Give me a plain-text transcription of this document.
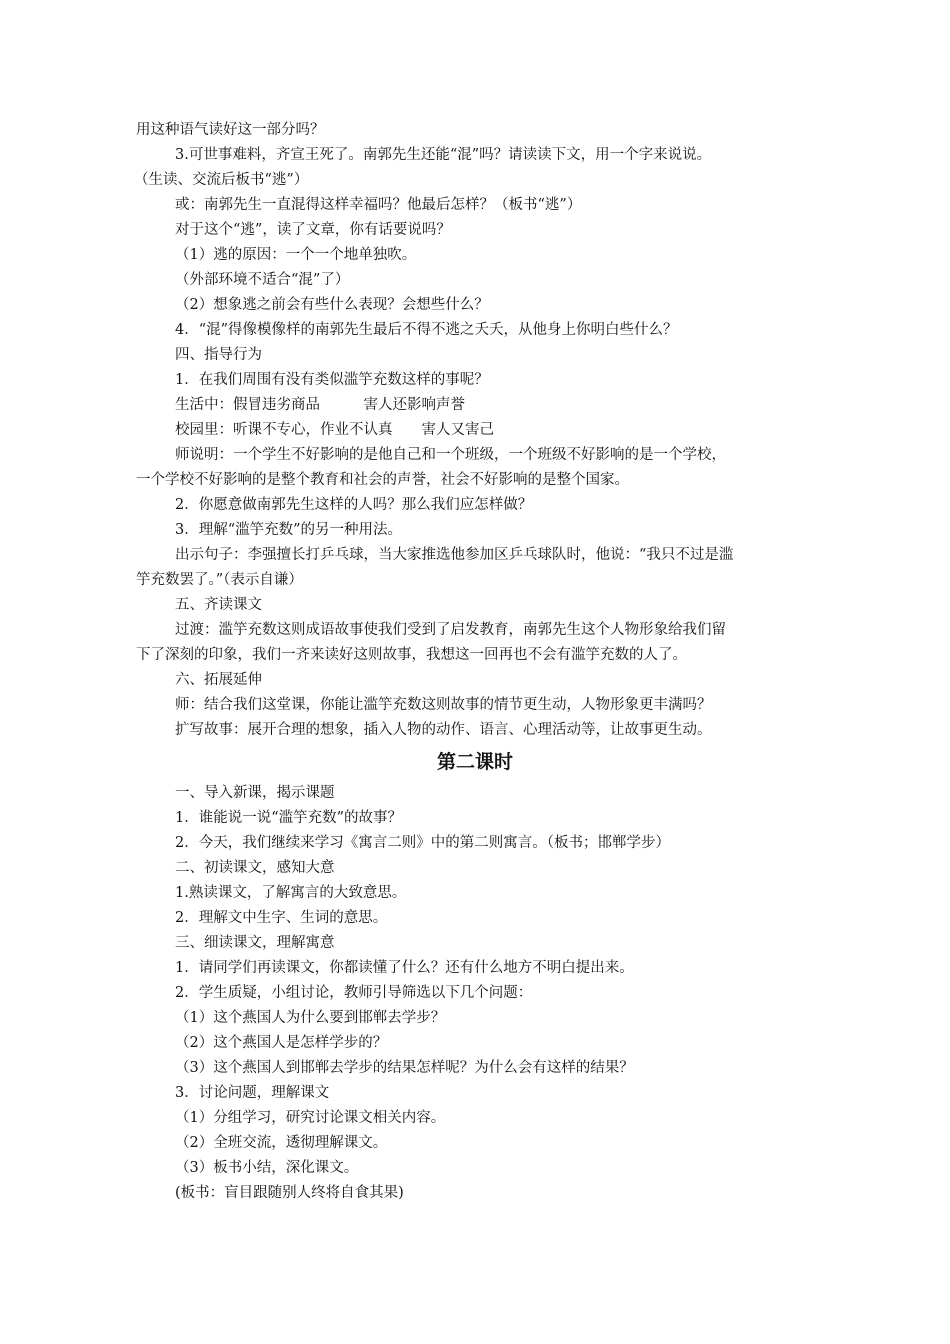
用这种语气读好这一部分吗？
3.可世事难料，齐宣王死了。南郭先生还能“混”吗？请读读下文，用一个字来说说。
（生读、交流后板书“逃”）
或：南郭先生一直混得这样幸福吗？他最后怎样？（板书“逃”）
对于这个“逃”，读了文章，你有话要说吗？
（1）逃的原因：一个一个地单独吹。
（外部环境不适合“混”了）
（2）想象逃之前会有些什么表现？会想些什么？
4．“混”得像模像样的南郭先生最后不得不逃之夭夭，从他身上你明白些什么？
四、指导行为
1．在我们周围有没有类似滥竽充数这样的事呢？
生活中：假冒违劣商品　　　害人还影响声誉
校园里：听课不专心，作业不认真　　害人又害己
师说明：一个学生不好影响的是他自己和一个班级，一个班级不好影响的是一个学校，
一个学校不好影响的是整个教育和社会的声誉，社会不好影响的是整个国家。
2．你愿意做南郭先生这样的人吗？那么我们应怎样做？
3．理解“滥竽充数”的另一种用法。
出示句子：李强擅长打乒乓球，当大家推选他参加区乒乓球队时，他说：“我只不过是滥
竽充数罢了。”（表示自谦）
五、齐读课文
过渡：滥竽充数这则成语故事使我们受到了启发教育，南郭先生这个人物形象给我们留
下了深刻的印象，我们一齐来读好这则故事，我想这一回再也不会有滥竽充数的人了。
六、拓展延伸
师：结合我们这堂课，你能让滥竽充数这则故事的情节更生动，人物形象更丰满吗？
扩写故事：展开合理的想象，插入人物的动作、语言、心理活动等，让故事更生动。
第二课时
一、导入新课，揭示课题
1．谁能说一说“滥竽充数”的故事？
2．今天，我们继续来学习《寓言二则》中的第二则寓言。（板书；邯郸学步）
二、初读课文，感知大意
1.熟读课文，了解寓言的大致意思。
2．理解文中生字、生词的意思。
三、细读课文，理解寓意
1．请同学们再读课文，你都读懂了什么？还有什么地方不明白提出来。
2．学生质疑，小组讨论，教师引导筛选以下几个问题：
（1）这个燕国人为什么要到邯郸去学步？
（2）这个燕国人是怎样学步的？
（3）这个燕国人到邯郸去学步的结果怎样呢？为什么会有这样的结果？
3．讨论问题，理解课文
（1）分组学习，研究讨论课文相关内容。
（2）全班交流，透彻理解课文。
（3）板书小结，深化课文。
(板书：盲目跟随别人终将自食其果)
